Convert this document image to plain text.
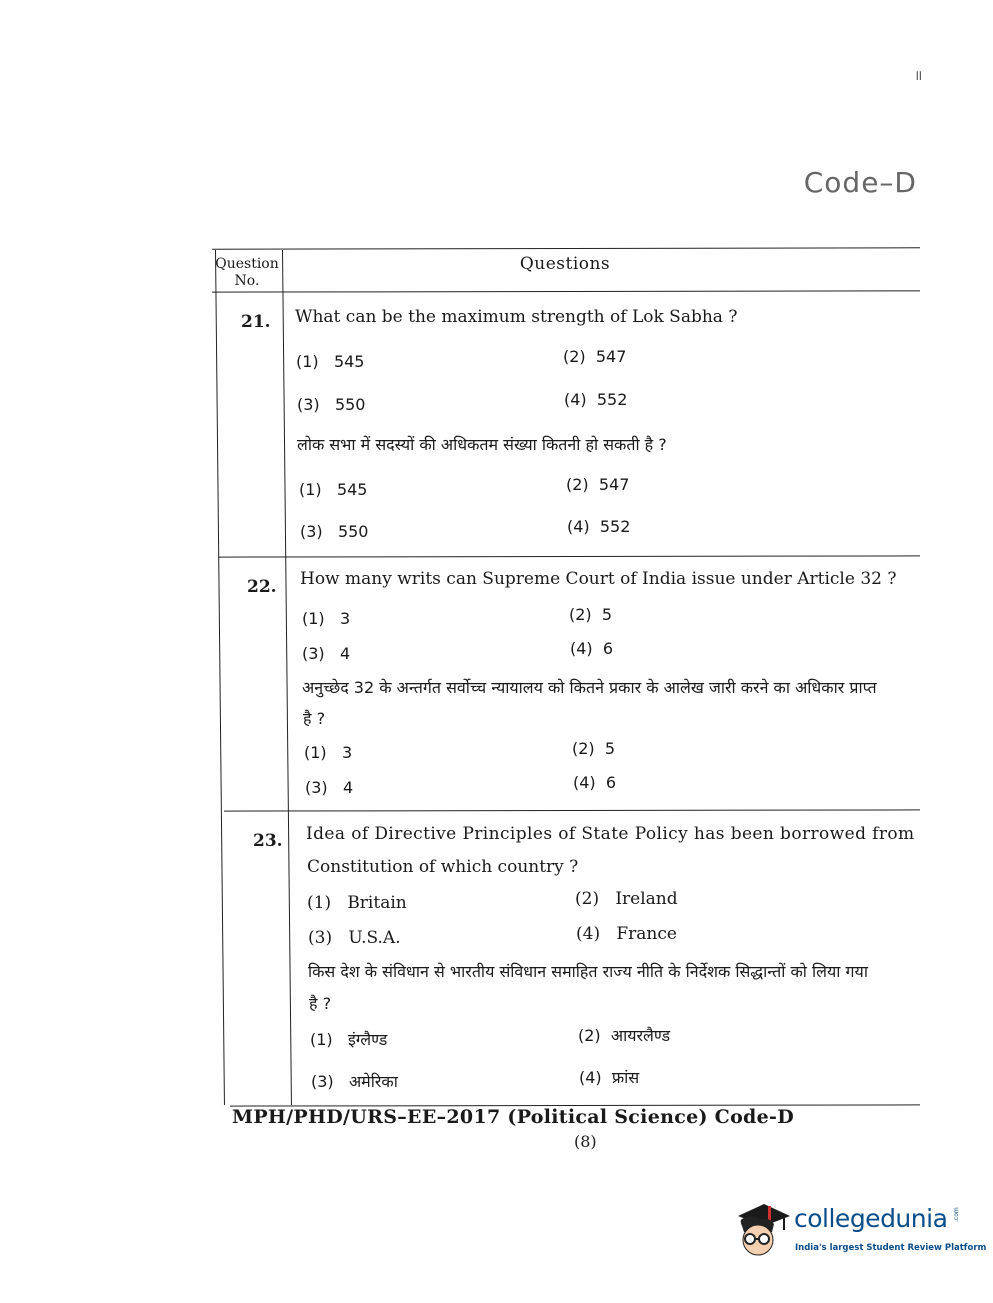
॥
Code–D
Question
No.
Questions
21. What can be the maximum strength of Lok Sabha ?
(1) 545	(2) 547
(3) 550	(4) 552
लोक सभा में सदस्यों की अधिकतम संख्या कितनी हो सकती है ?
(1) 545	(2) 547
(3) 550	(4) 552
22. How many writs can Supreme Court of India issue under Article 32 ?
(1) 3	(2) 5
(3) 4	(4) 6
अनुच्छेद 32 के अन्तर्गत सर्वोच्च न्यायालय को कितने प्रकार के आलेख जारी करने का अधिकार प्राप्त
है ?
(1) 3	(2) 5
(3) 4	(4) 6
23. Idea of Directive Principles of State Policy has been borrowed from
Constitution of which country ?
(1) Britain	(2) Ireland
(3) U.S.A.	(4) France
किस देश के संविधान से भारतीय संविधान समाहित राज्य नीति के निर्देशक सिद्धान्तों को लिया गया
है ?
(1) इंग्लैण्ड	(2) आयरलैण्ड
(3) अमेरिका	(4) फ्रांस
MPH/PHD/URS–EE–2017 (Political Science) Code-D
(8)
collegedunia .com
India's largest Student Review Platform
